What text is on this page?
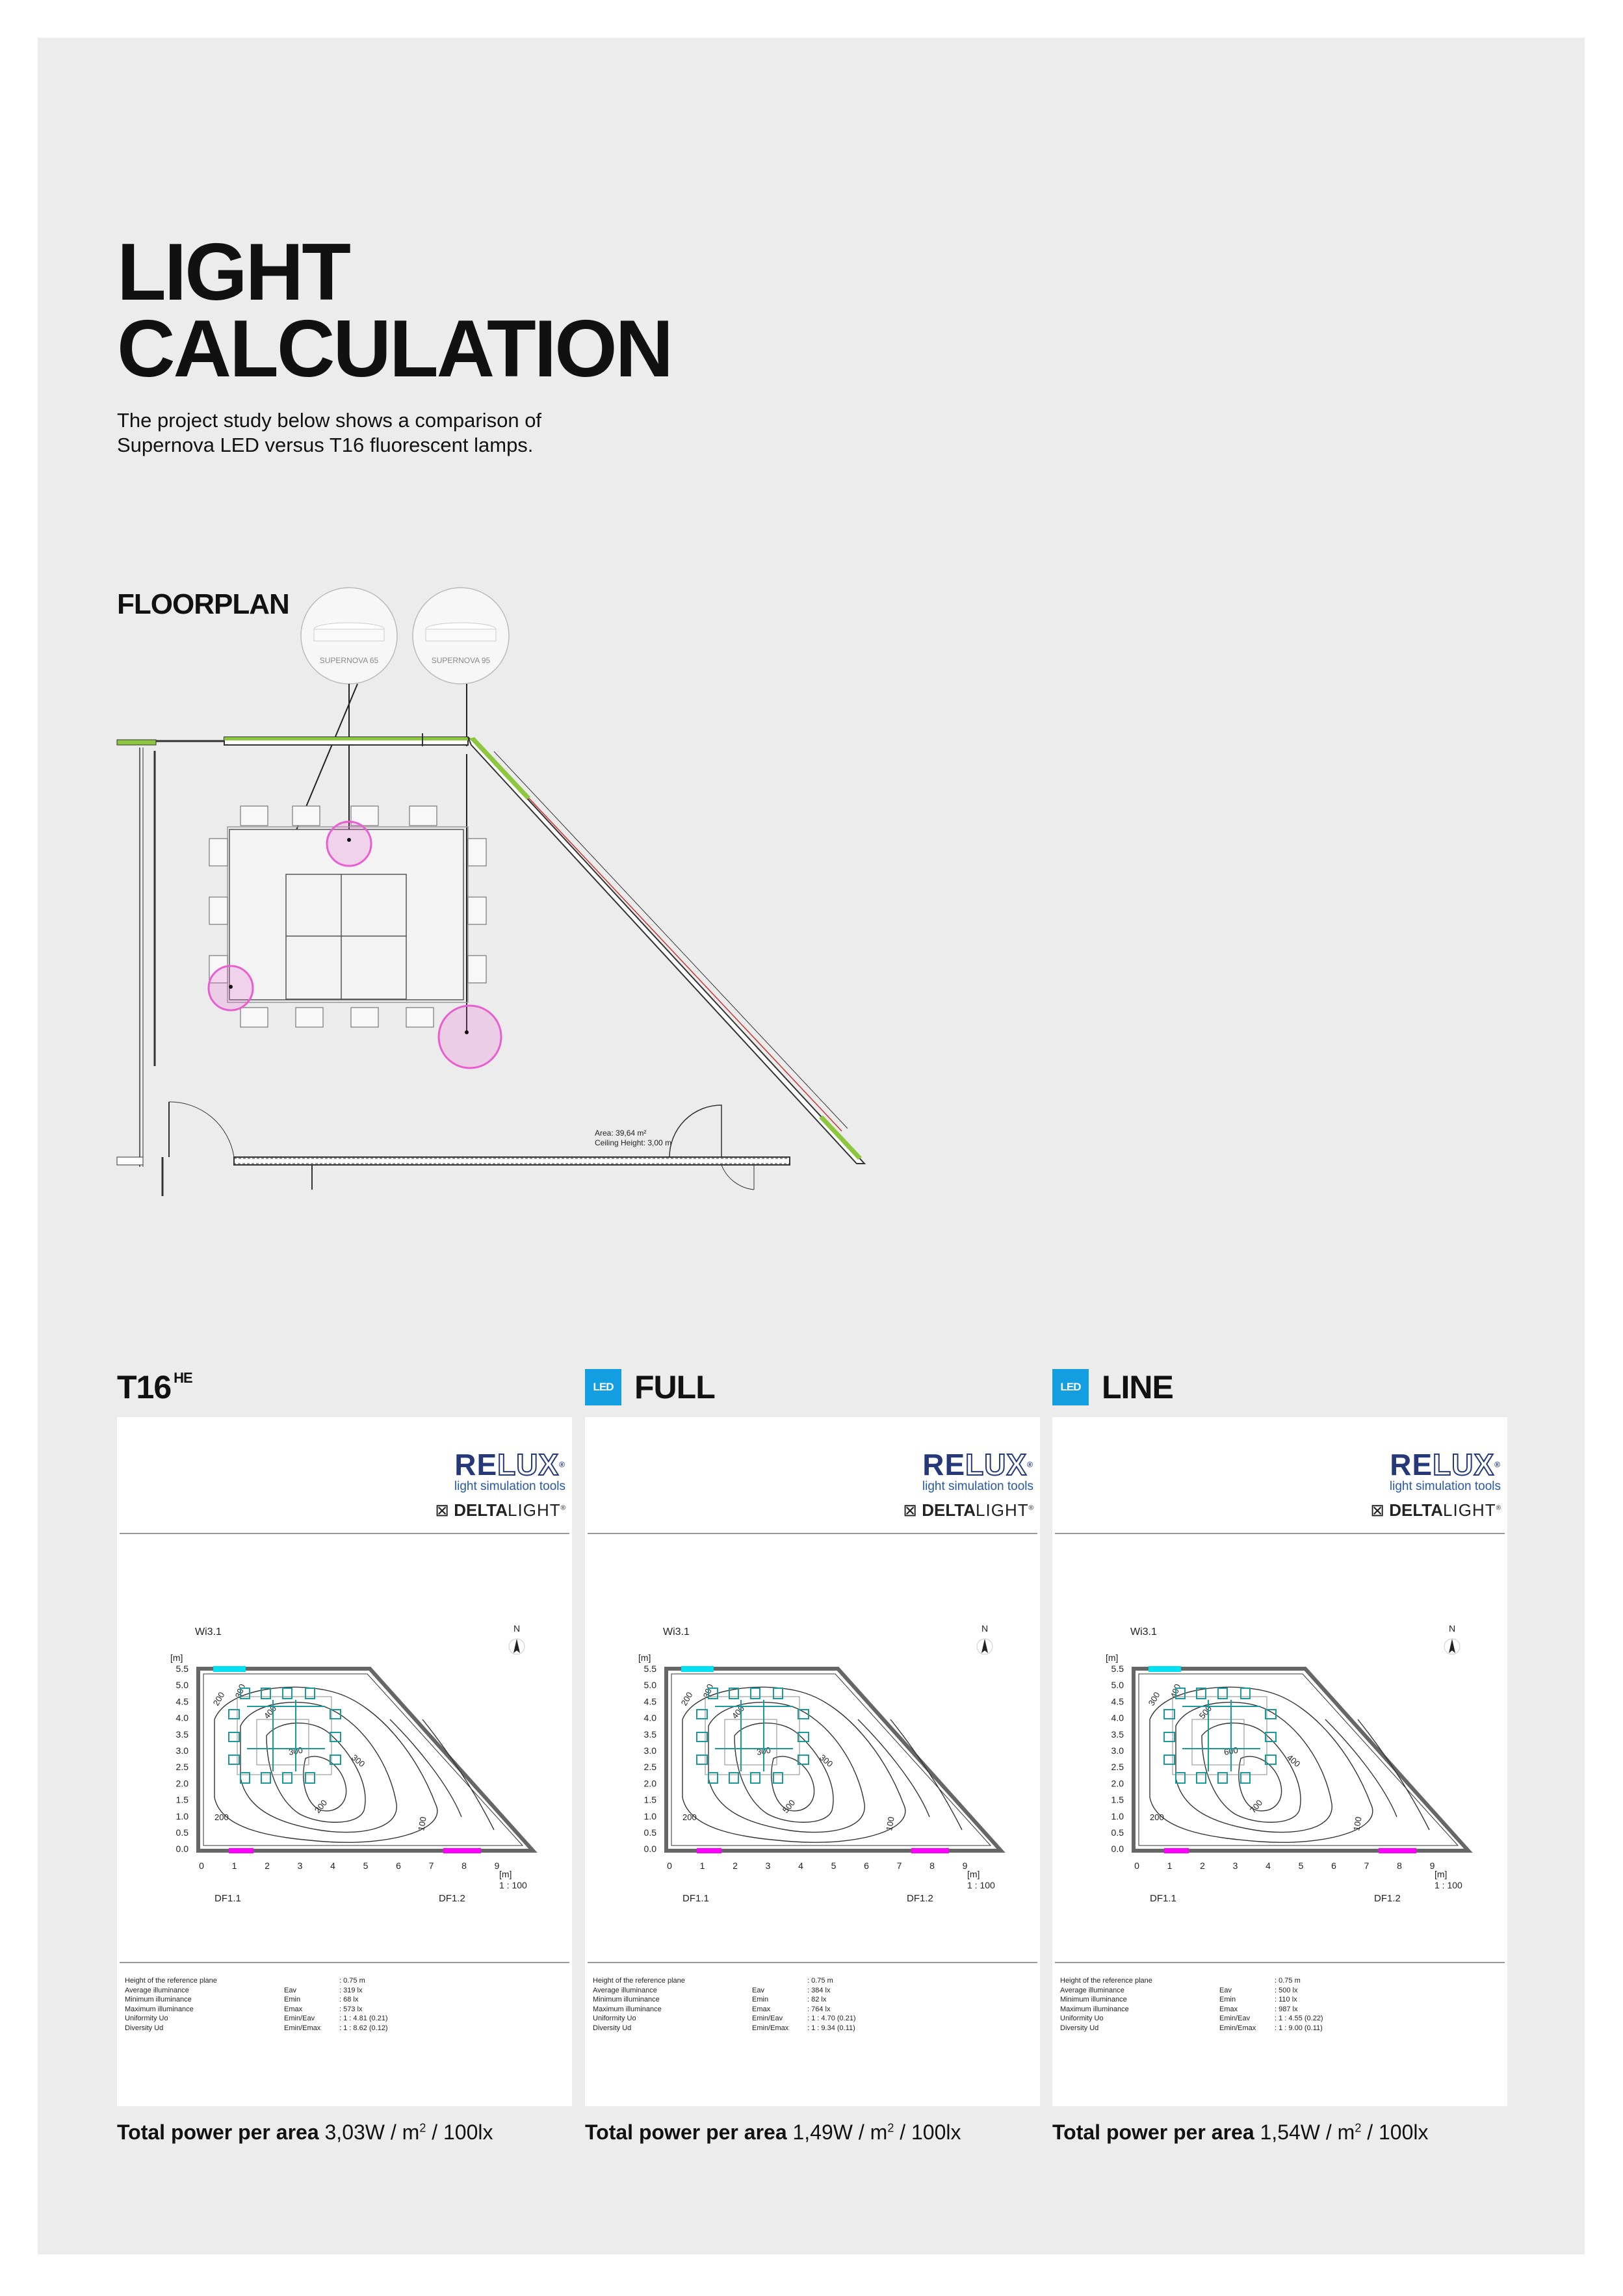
LIGHT
CALCULATION
The project study below shows a comparison of
Supernova LED versus T16 fluorescent lamps.
FLOORPLAN
SUPERNOVA 65	SUPERNOVA 95
Area: 39,64 m²
Ceiling Height: 3,00 m
$T16^{HE}$
LED FULL	LED LINE
RELUX®
light simulation tools
⊠ DELTALIGHT®
Wi3.1
[m]
5.5
5.0
4.5
4.0
3.5
3.0
2.5
2.0
1.5
1.0
0.5
0.0
0	1	2	3	4	5	6	7	8	9
200 300
400
300
200	100
200
300
N
[m]
1 : 100
DF1.1	DF1.2
Height of the reference plane	: 0.75 m
Average illuminance	Eav	: 319 lx
Minimum illuminance	Emin	: 68 lx
Maximum illuminance	Emax	: 573 lx
Uniformity Uo	Emin/Eav	: 1 : 4.81 (0.21)
Diversity Ud	Emin/Emax	: 1 : 8.62 (0.12)
RELUX®
light simulation tools
⊠ DELTALIGHT®
Wi3.1
[m]
5.5
5.0
4.5
4.0
3.5
3.0
2.5
2.0
1.5
1.0
0.5
0.0
0	1	2	3	4	5	6	7	8	9
200 300
400
300
200	100
500
300
N
[m]
1 : 100
DF1.1	DF1.2
Height of the reference plane	: 0.75 m
Average illuminance	Eav	: 384 lx
Minimum illuminance	Emin	: 82 lx
Maximum illuminance	Emax	: 764 lx
Uniformity Uo	Emin/Eav	: 1 : 4.70 (0.21)
Diversity Ud	Emin/Emax	: 1 : 9.34 (0.11)
RELUX®
light simulation tools
⊠ DELTALIGHT®
Wi3.1
[m]
5.5
5.0
4.5
4.0
3.5
3.0
2.5
2.0
1.5
1.0
0.5
0.0
0	1	2	3	4	5	6	7	8	9
300 400
500
600
200	100
700
400
N
[m]
1 : 100
DF1.1	DF1.2
Height of the reference plane	: 0.75 m
Average illuminance	Eav	: 500 lx
Minimum illuminance	Emin	: 110 lx
Maximum illuminance	Emax	: 987 lx
Uniformity Uo	Emin/Eav	: 1 : 4.55 (0.22)
Diversity Ud	Emin/Emax	: 1 : 9.00 (0.11)
Total power per area $3,03W / m^2 / 100lx$	Total power per area $1,49W / m^2 / 100lx$	Total power per area $1,54W / m^2 / 100lx$
